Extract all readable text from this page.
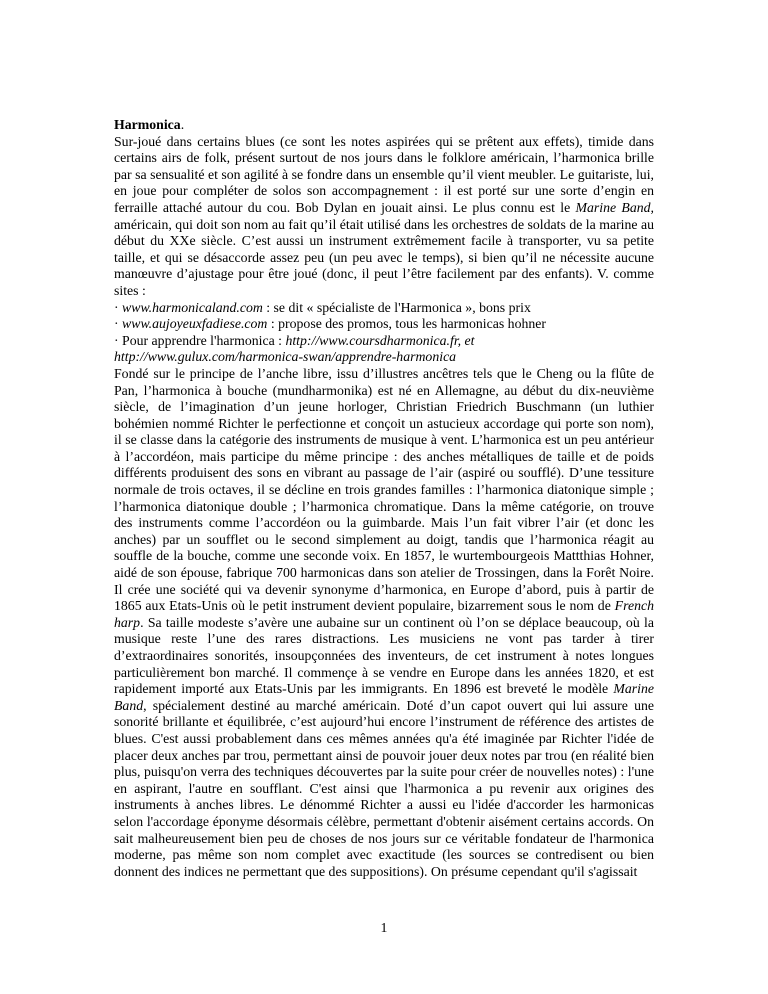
Harmonica.

Sur-joué dans certains blues (ce sont les notes aspirées qui se prêtent aux effets), timide dans certains airs de folk, présent surtout de nos jours dans le folklore américain, l’harmonica brille par sa sensualité et son agilité à se fondre dans un ensemble qu’il vient meubler. Le guitariste, lui, en joue pour compléter de solos son accompagnement : il est porté sur une sorte d’engin en ferraille attaché autour du cou. Bob Dylan en jouait ainsi. Le plus connu est le Marine Band, américain, qui doit son nom au fait qu’il était utilisé dans les orchestres de soldats de la marine au début du XXe siècle. C’est aussi un instrument extrêmement facile à transporter, vu sa petite taille, et qui se désaccorde assez peu (un peu avec le temps), si bien qu’il ne nécessite aucune manœuvre d’ajustage pour être joué (donc, il peut l’être facilement par des enfants). V. comme sites :

· www.harmonicaland.com : se dit « spécialiste de l'Harmonica », bons prix

· www.aujoyeuxfadiese.com : propose des promos, tous les harmonicas hohner

· Pour apprendre l'harmonica : http://www.coursdharmonica.fr, et

http://www.gulux.com/harmonica-swan/apprendre-harmonica

Fondé sur le principe de l’anche libre, issu d’illustres ancêtres tels que le Cheng ou la flûte de Pan, l’harmonica à bouche (mundharmonika) est né en Allemagne, au début du dix-neuvième siècle, de l’imagination d’un jeune horloger, Christian Friedrich Buschmann (un luthier bohémien nommé Richter le perfectionne et conçoit un astucieux accordage qui porte son nom), il se classe dans la catégorie des instruments de musique à vent. L’harmonica est un peu antérieur à l’accordéon, mais participe du même principe : des anches métalliques de taille et de poids différents produisent des sons en vibrant au passage de l’air (aspiré ou soufflé). D’une tessiture normale de trois octaves, il se décline en trois grandes familles : l’harmonica diatonique simple ; l’harmonica diatonique double ; l’harmonica chromatique. Dans la même catégorie, on trouve des instruments comme l’accordéon ou la guimbarde. Mais l’un fait vibrer l’air (et donc les anches) par un soufflet ou le second simplement au doigt, tandis que l’harmonica réagit au souffle de la bouche, comme une seconde voix. En 1857, le wurtembourgeois Mattthias Hohner, aidé de son épouse, fabrique 700 harmonicas dans son atelier de Trossingen, dans la Forêt Noire. Il crée une société qui va devenir synonyme d’harmonica, en Europe d’abord, puis à partir de 1865 aux Etats-Unis où le petit instrument devient populaire, bizarrement sous le nom de French harp. Sa taille modeste s’avère une aubaine sur un continent où l’on se déplace beaucoup, où la musique reste l’une des rares distractions. Les musiciens ne vont pas tarder à tirer d’extraordinaires sonorités, insoupçonnées des inventeurs, de cet instrument à notes longues particulièrement bon marché. Il commençe à se vendre en Europe dans les années 1820, et est rapidement importé aux Etats-Unis par les immigrants. En 1896 est breveté le modèle Marine Band, spécialement destiné au marché américain. Doté d’un capot ouvert qui lui assure une sonorité brillante et équilibrée, c’est aujourd’hui encore l’instrument de référence des artistes de blues. C'est aussi probablement dans ces mêmes années qu'a été imaginée par Richter l'idée de placer deux anches par trou, permettant ainsi de pouvoir jouer deux notes par trou (en réalité bien plus, puisqu'on verra des techniques découvertes par la suite pour créer de nouvelles notes) : l'une en aspirant, l'autre en soufflant. C'est ainsi que l'harmonica a pu revenir aux origines des instruments à anches libres. Le dénommé Richter a aussi eu l'idée d'accorder les harmonicas selon l'accordage éponyme désormais célèbre, permettant d'obtenir aisément certains accords. On sait malheureusement bien peu de choses de nos jours sur ce véritable fondateur de l'harmonica moderne, pas même son nom complet avec exactitude (les sources se contredisent ou bien donnent des indices ne permettant que des suppositions). On présume cependant qu'il s'agissait

1
